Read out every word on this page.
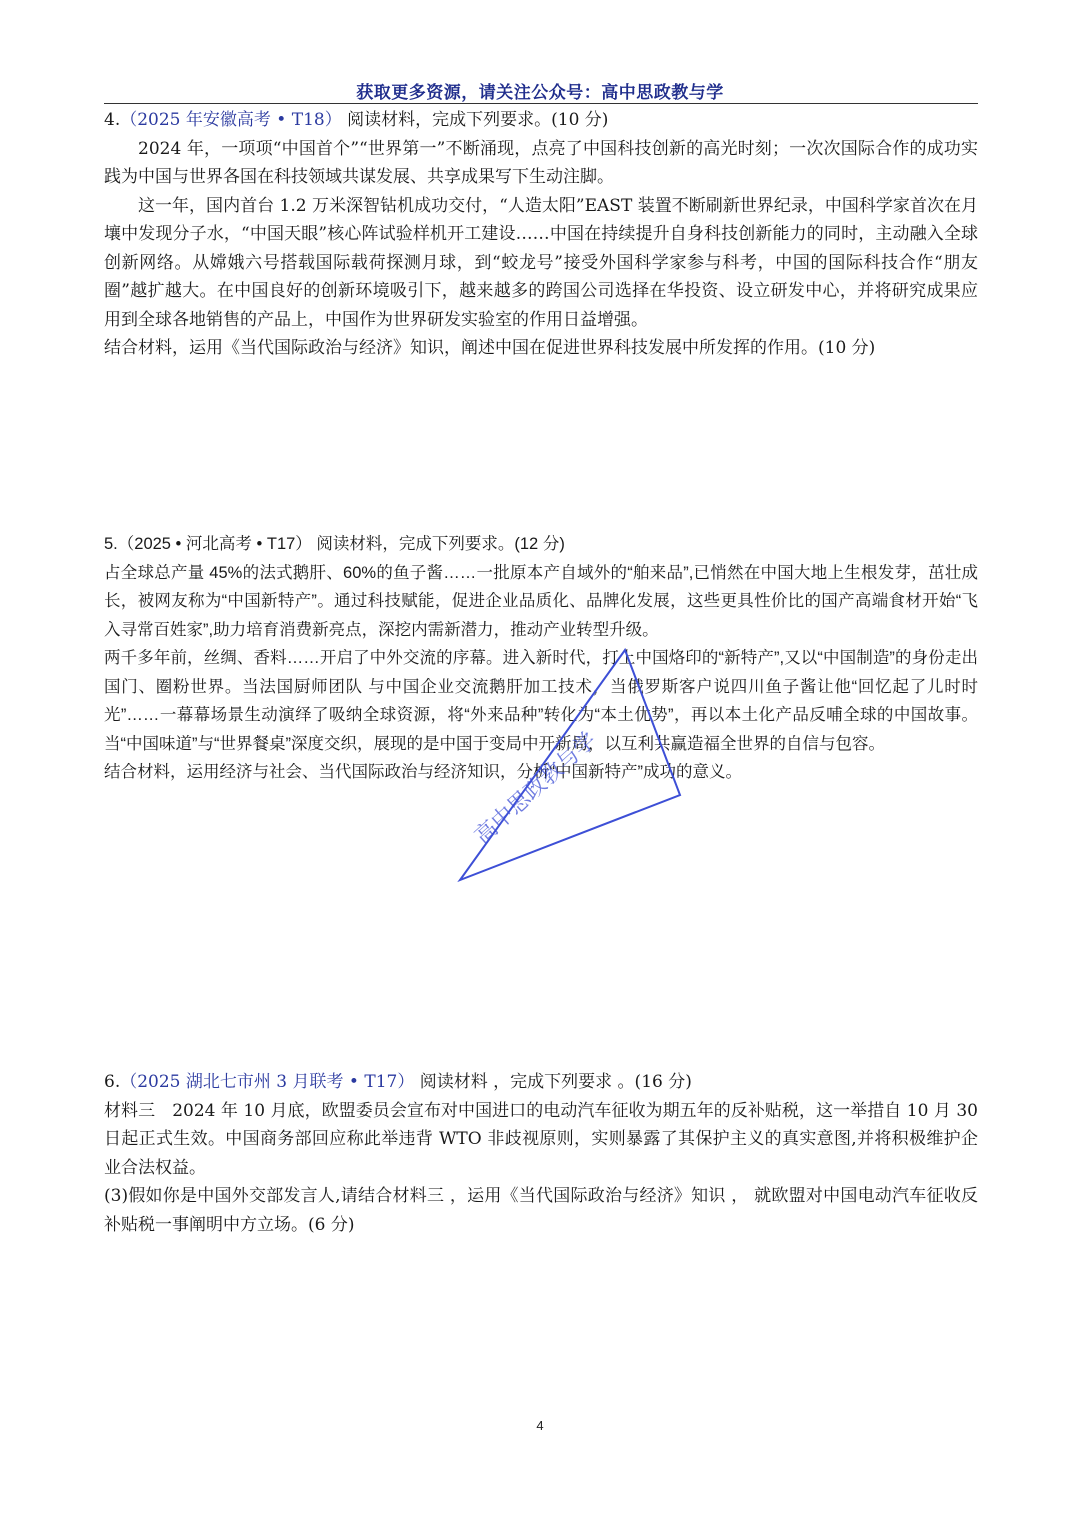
获取更多资源，请关注公众号：高中思政教与学

4.（2025 年安徽高考 • T18） 阅读材料，完成下列要求。(10 分)

2024 年，一项项“中国首个”“世界第一”不断涌现，点亮了中国科技创新的高光时刻；一次次国际合作的成功实践为中国与世界各国在科技领域共谋发展、共享成果写下生动注脚。

这一年，国内首台 1.2 万米深智钻机成功交付，“人造太阳”EAST 装置不断刷新世界纪录，中国科学家首次在月壤中发现分子水，“中国天眼”核心阵试验样机开工建设……中国在持续提升自身科技创新能力的同时，主动融入全球创新网络。从嫦娥六号搭载国际载荷探测月球，到“蛟龙号”接受外国科学家参与科考，中国的国际科技合作“朋友圈”越扩越大。在中国良好的创新环境吸引下，越来越多的跨国公司选择在华投资、设立研发中心，并将研究成果应用到全球各地销售的产品上，中国作为世界研发实验室的作用日益增强。

结合材料，运用《当代国际政治与经济》知识，阐述中国在促进世界科技发展中所发挥的作用。(10 分)

5.（2025 • 河北高考 • T17） 阅读材料，完成下列要求。(12 分)

占全球总产量 45%的法式鹅肝、60%的鱼子酱……一批原本产自域外的“舶来品”,已悄然在中国大地上生根发芽，茁壮成长，被网友称为“中国新特产”。通过科技赋能，促进企业品质化、品牌化发展，这些更具性价比的国产高端食材开始“飞入寻常百姓家”,助力培育消费新亮点，深挖内需新潜力，推动产业转型升级。

两千多年前，丝绸、香料……开启了中外交流的序幕。进入新时代，打上中国烙印的“新特产”,又以“中国制造”的身份走出国门、圈粉世界。当法国厨师团队 与中国企业交流鹅肝加工技术，当俄罗斯客户说四川鱼子酱让他“回忆起了儿时时 光”……一幕幕场景生动演绎了吸纳全球资源，将“外来品种”转化为“本土优势”，再以本土化产品反哺全球的中国故事。当“中国味道”与“世界餐桌”深度交织，展现的是中国于变局中开新局，以互利共赢造福全世界的自信与包容。

结合材料，运用经济与社会、当代国际政治与经济知识，分析“中国新特产”成功的意义。

高中思政教与学

6.（2025 湖北七市州 3 月联考 • T17） 阅读材料 ，完成下列要求 。(16 分)

材料三　2024 年 10 月底，欧盟委员会宣布对中国进口的电动汽车征收为期五年的反补贴税，这一举措自 10 月 30 日起正式生效。中国商务部回应称此举违背 WTO 非歧视原则，实则暴露了其保护主义的真实意图,并将积极维护企业合法权益。

(3)假如你是中国外交部发言人,请结合材料三 ，运用《当代国际政治与经济》知识 ， 就欧盟对中国电动汽车征收反补贴税一事阐明中方立场。(6 分)

4
